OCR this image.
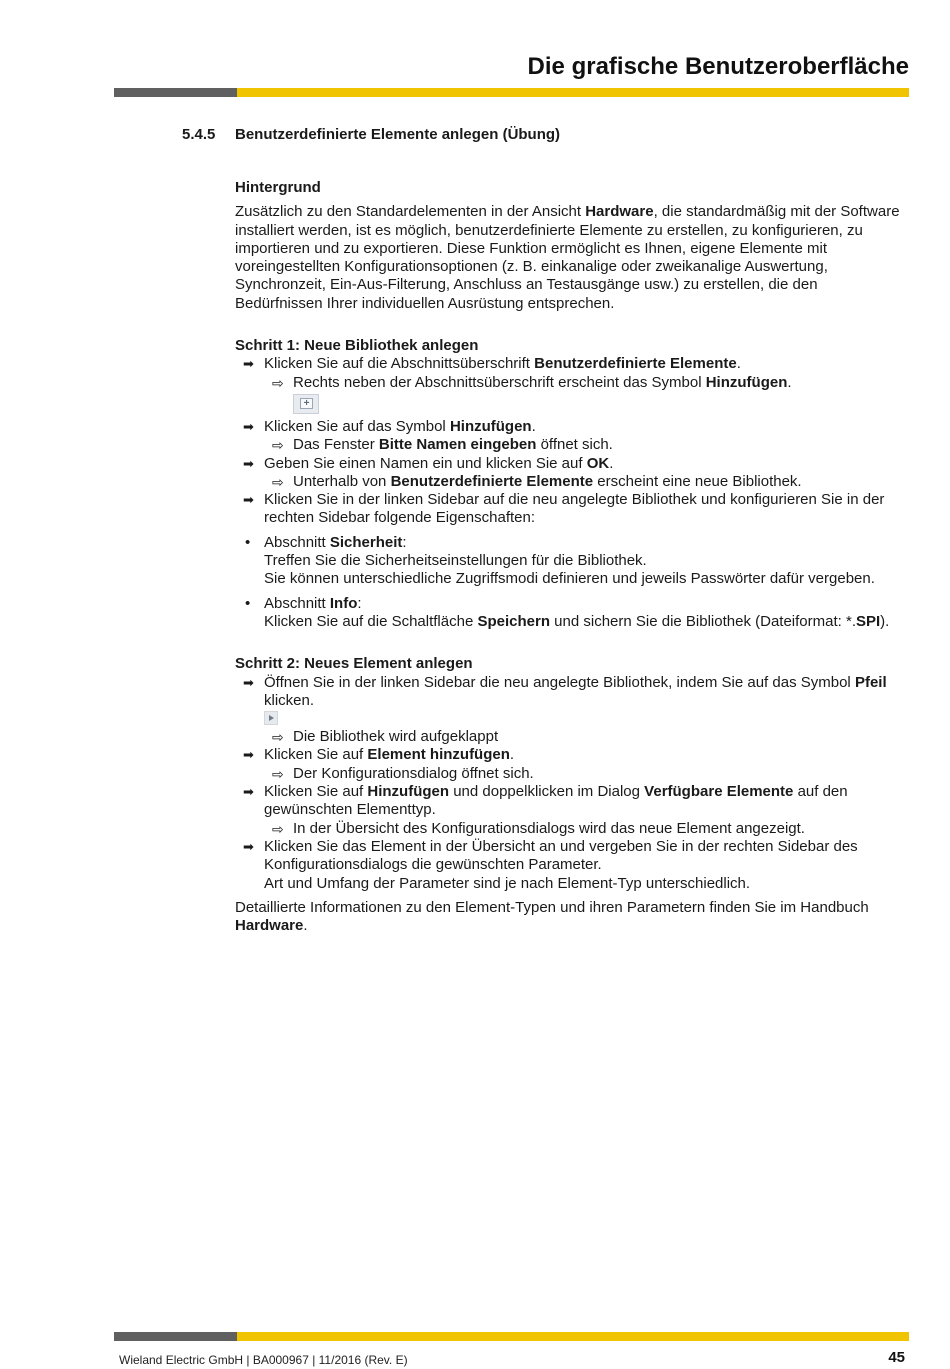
Die grafische Benutzeroberfläche
5.4.5 Benutzerdefinierte Elemente anlegen (Übung)

Hintergrund

Zusätzlich zu den Standardelementen in der Ansicht Hardware, die standardmäßig mit der Software installiert werden, ist es möglich, benutzerdefinierte Elemente zu erstellen, zu konfigurieren, zu importieren und zu exportieren. Diese Funktion ermöglicht es Ihnen, eigene Elemente mit voreingestellten Konfigurationsoptionen (z. B. einkanalige oder zweikanalige Auswertung, Synchronzeit, Ein-Aus-Filterung, Anschluss an Testausgänge usw.) zu erstellen, die den Bedürfnissen Ihrer individuellen Ausrüstung entsprechen.

Schritt 1: Neue Bibliothek anlegen

➡ Klicken Sie auf die Abschnittsüberschrift Benutzerdefinierte Elemente.
⇨ Rechts neben der Abschnittsüberschrift erscheint das Symbol Hinzufügen.
+
➡ Klicken Sie auf das Symbol Hinzufügen.
⇨ Das Fenster Bitte Namen eingeben öffnet sich.
➡ Geben Sie einen Namen ein und klicken Sie auf OK.
⇨ Unterhalb von Benutzerdefinierte Elemente erscheint eine neue Bibliothek.
➡ Klicken Sie in der linken Sidebar auf die neu angelegte Bibliothek und konfigurieren Sie in der rechten Sidebar folgende Eigenschaften:
• Abschnitt Sicherheit:
Treffen Sie die Sicherheitseinstellungen für die Bibliothek.
Sie können unterschiedliche Zugriffsmodi definieren und jeweils Passwörter dafür vergeben.
• Abschnitt Info:
Klicken Sie auf die Schaltfläche Speichern und sichern Sie die Bibliothek (Dateiformat: *.SPI).

Schritt 2: Neues Element anlegen

➡ Öffnen Sie in der linken Sidebar die neu angelegte Bibliothek, indem Sie auf das Symbol Pfeil klicken.
⇨ Die Bibliothek wird aufgeklappt
➡ Klicken Sie auf Element hinzufügen.
⇨ Der Konfigurationsdialog öffnet sich.
➡ Klicken Sie auf Hinzufügen und doppelklicken im Dialog Verfügbare Elemente auf den gewünschten Elementtyp.
⇨ In der Übersicht des Konfigurationsdialogs wird das neue Element angezeigt.
➡ Klicken Sie das Element in der Übersicht an und vergeben Sie in der rechten Sidebar des Konfigurationsdialogs die gewünschten Parameter.
Art und Umfang der Parameter sind je nach Element-Typ unterschiedlich.

Detaillierte Informationen zu den Element-Typen und ihren Parametern finden Sie im Handbuch Hardware.

Wieland Electric GmbH | BA000967 | 11/2016 (Rev. E)	45
